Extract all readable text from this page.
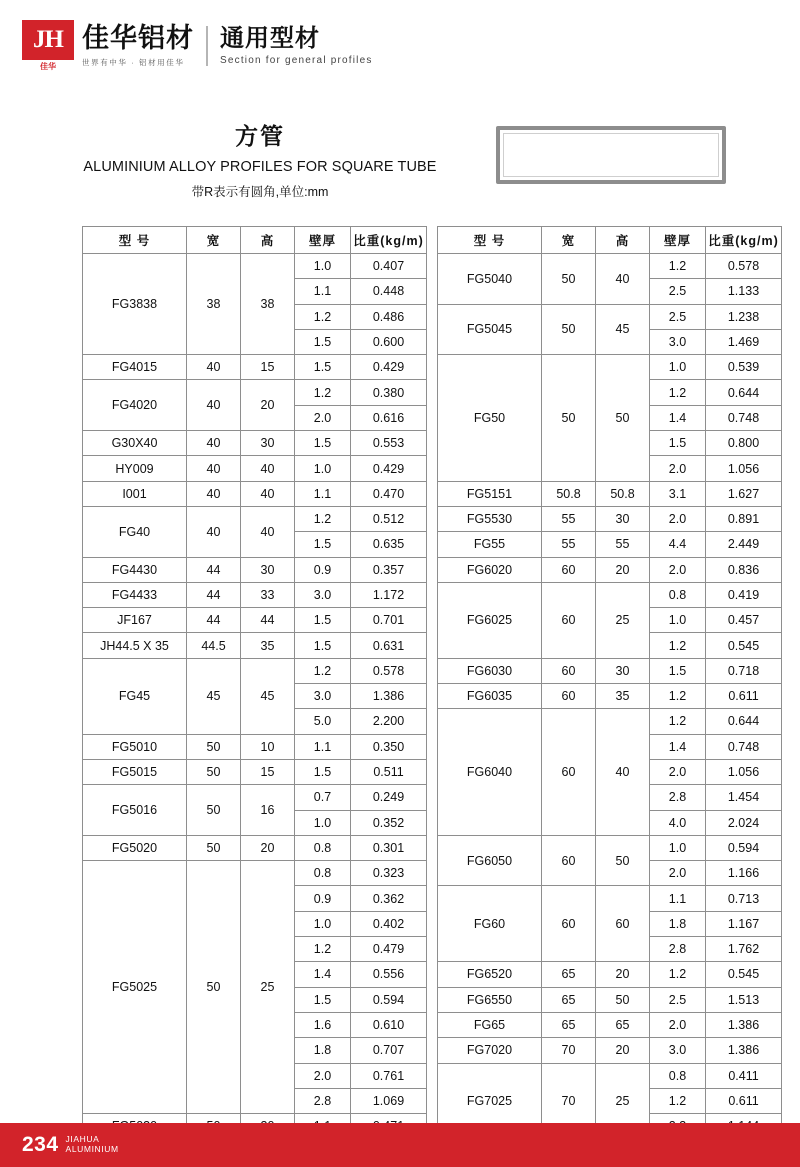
JH
佳华
佳华铝材
世界有中华 · 铝材用佳华
通用型材
Section for general profiles
方管
ALUMINIUM ALLOY PROFILES FOR SQUARE TUBE
带R表示有圆角,单位:mm
型 号	宽	高	壁厚	比重(kg/m)
FG3838	38	38	1.0	0.407
			1.1	0.448
			1.2	0.486
			1.5	0.600
FG4015	40	15	1.5	0.429
FG4020	40	20	1.2	0.380
			2.0	0.616
G30X40	40	30	1.5	0.553
HY009	40	40	1.0	0.429
I001	40	40	1.1	0.470
FG40	40	40	1.2	0.512
			1.5	0.635
FG4430	44	30	0.9	0.357
FG4433	44	33	3.0	1.172
JF167	44	44	1.5	0.701
JH44.5 X 35	44.5	35	1.5	0.631
FG45	45	45	1.2	0.578
			3.0	1.386
			5.0	2.200
FG5010	50	10	1.1	0.350
FG5015	50	15	1.5	0.511
FG5016	50	16	0.7	0.249
			1.0	0.352
FG5020	50	20	0.8	0.301
FG5025	50	25	0.8	0.323
			0.9	0.362
			1.0	0.402
			1.2	0.479
			1.4	0.556
			1.5	0.594
			1.6	0.610
			1.8	0.707
			2.0	0.761
			2.8	1.069

型 号	宽	高	壁厚	比重(kg/m)
FG5040	50	40	1.2	0.578
			2.5	1.133
FG5045	50	45	2.5	1.238
			3.0	1.469
FG50	50	50	1.0	0.539
			1.2	0.644
			1.4	0.748
			1.5	0.800
			2.0	1.056
FG5151	50.8	50.8	3.1	1.627
FG5530	55	30	2.0	0.891
FG55	55	55	4.4	2.449
FG6020	60	20	2.0	0.836
FG6025	60	25	0.8	0.419
			1.0	0.457
			1.2	0.545
FG6030	60	30	1.5	0.718
FG6035	60	35	1.2	0.611
FG6040	60	40	1.2	0.644
			1.4	0.748
			2.0	1.056
			2.8	1.454
			4.0	2.024
FG6050	60	50	1.0	0.594
			2.0	1.166
FG60	60	60	1.1	0.713
			1.8	1.167
			2.8	1.762
FG6520	65	20	1.2	0.545
FG6550	65	50	2.5	1.513
FG65	65	65	2.0	1.386
FG7020	70	20	3.0	1.386
FG7025	70	25	0.8	0.411
			1.2	0.611

234 JIAHUA
ALUMINIUM
